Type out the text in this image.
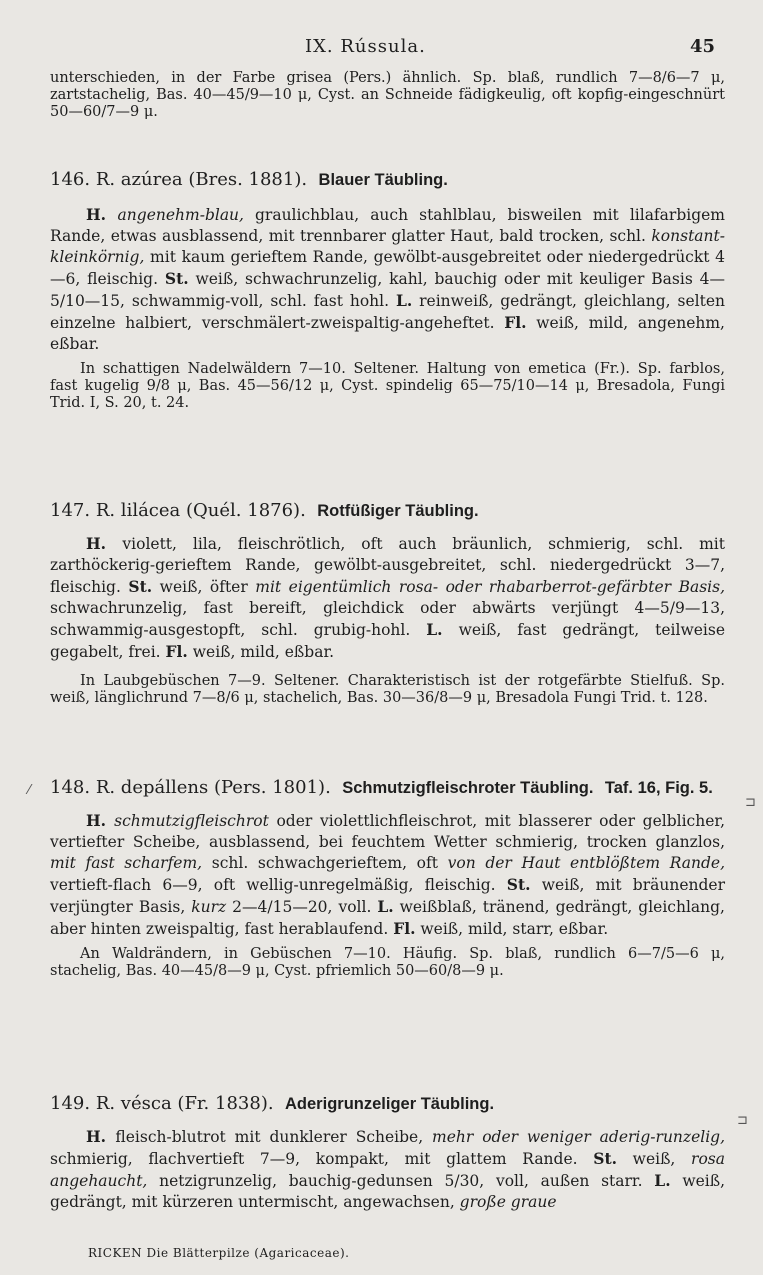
IX. Rússula.	45

unterschieden, in der Farbe grisea (Pers.) ähnlich. Sp. blaß, rundlich 7—8/6—7 μ, zartstachelig, Bas. 40—45/9—10 μ, Cyst. an Schneide fädigkeulig, oft kopfig-eingeschnürt 50—60/7—9 μ.

146. R. azúrea (Bres. 1881). Blauer Täubling.

H. angenehm-blau, graulichblau, auch stahlblau, bisweilen mit lilafarbigem Rande, etwas ausblassend, mit trennbarer glatter Haut, bald trocken, schl. konstant-kleinkörnig, mit kaum gerieftem Rande, gewölbt-ausgebreitet oder niedergedrückt 4—6, fleischig. St. weiß, schwachrunzelig, kahl, bauchig oder mit keuliger Basis 4—5/10—15, schwammig-voll, schl. fast hohl. L. reinweiß, gedrängt, gleichlang, selten einzelne halbiert, verschmälert-zweispaltig-angeheftet. Fl. weiß, mild, angenehm, eßbar.

In schattigen Nadelwäldern 7—10. Seltener. Haltung von emetica (Fr.). Sp. farblos, fast kugelig 9/8 μ, Bas. 45—56/12 μ, Cyst. spindelig 65—75/10—14 μ, Bresadola, Fungi Trid. I, S. 20, t. 24.

147. R. lilácea (Quél. 1876). Rotfüßiger Täubling.

H. violett, lila, fleischrötlich, oft auch bräunlich, schmierig, schl. mit zarthöckerig-gerieftem Rande, gewölbt-ausgebreitet, schl. niedergedrückt 3—7, fleischig. St. weiß, öfter mit eigentümlich rosa- oder rhabarberrot-gefärbter Basis, schwachrunzelig, fast bereift, gleichdick oder abwärts verjüngt 4—5/9—13, schwammig-ausgestopft, schl. grubig-hohl. L. weiß, fast gedrängt, teilweise gegabelt, frei. Fl. weiß, mild, eßbar.

In Laubgebüschen 7—9. Seltener. Charakteristisch ist der rotgefärbte Stielfuß. Sp. weiß, länglichrund 7—8/6 μ, stachelich, Bas. 30—36/8—9 μ, Bresadola Fungi Trid. t. 128.

148. R. depállens (Pers. 1801). Schmutzigfleischroter Täubling. Taf. 16, Fig. 5.

H. schmutzigfleischrot oder violettlichfleischrot, mit blasserer oder gelblicher, vertiefter Scheibe, ausblassend, bei feuchtem Wetter schmierig, trocken glanzlos, mit fast scharfem, schl. schwachgerieftem, oft von der Haut entblößtem Rande, vertieft-flach 6—9, oft wellig-unregelmäßig, fleischig. St. weiß, mit bräunender verjüngter Basis, kurz 2—4/15—20, voll. L. weißblaß, tränend, gedrängt, gleichlang, aber hinten zweispaltig, fast herablaufend. Fl. weiß, mild, starr, eßbar.

An Waldrändern, in Gebüschen 7—10. Häufig. Sp. blaß, rundlich 6—7/5—6 μ, stachelig, Bas. 40—45/8—9 μ, Cyst. pfriemlich 50—60/8—9 μ.

149. R. vésca (Fr. 1838). Aderigrunzeliger Täubling.

H. fleisch-blutrot mit dunklerer Scheibe, mehr oder weniger aderig-runzelig, schmierig, flachvertieft 7—9, kompakt, mit glattem Rande. St. weiß, rosa angehaucht, netzigrunzelig, bauchig-gedunsen 5/30, voll, außen starr. L. weiß, gedrängt, mit kürzeren untermischt, angewachsen, große graue

⁄
⊐
⊐
RICKEN Die Blätterpilze (Agaricaceae).
